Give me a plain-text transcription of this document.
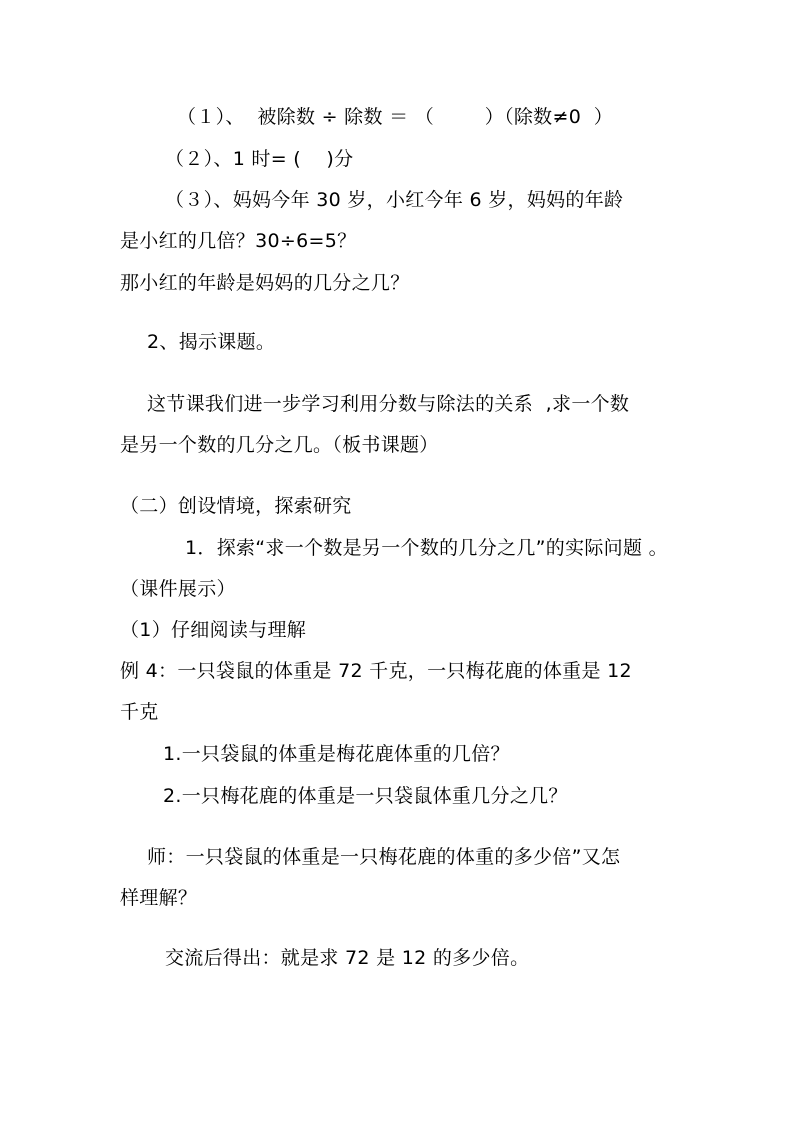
（１）、  被除数 ÷ 除数 ＝ （        ）（除数≠0  ）
（２）、1 时= (    )分
（３）、妈妈今年 30 岁，小红今年 6 岁，妈妈的年龄
是小红的几倍？30÷6=5？
那小红的年龄是妈妈的几分之几？
2、揭示课题。
这节课我们进一步学习利用分数与除法的关系  ,求一个数
是另一个数的几分之几。（板书课题）
（二）创设情境，探索研究
1．探索“求一个数是另一个数的几分之几”的实际问题 。
（课件展示）
（1）仔细阅读与理解
例 4：一只袋鼠的体重是 72 千克，一只梅花鹿的体重是 12
千克
1.一只袋鼠的体重是梅花鹿体重的几倍？
2.一只梅花鹿的体重是一只袋鼠体重几分之几？
师：一只袋鼠的体重是一只梅花鹿的体重的多少倍”又怎
样理解？
交流后得出：就是求 72 是 12 的多少倍。
